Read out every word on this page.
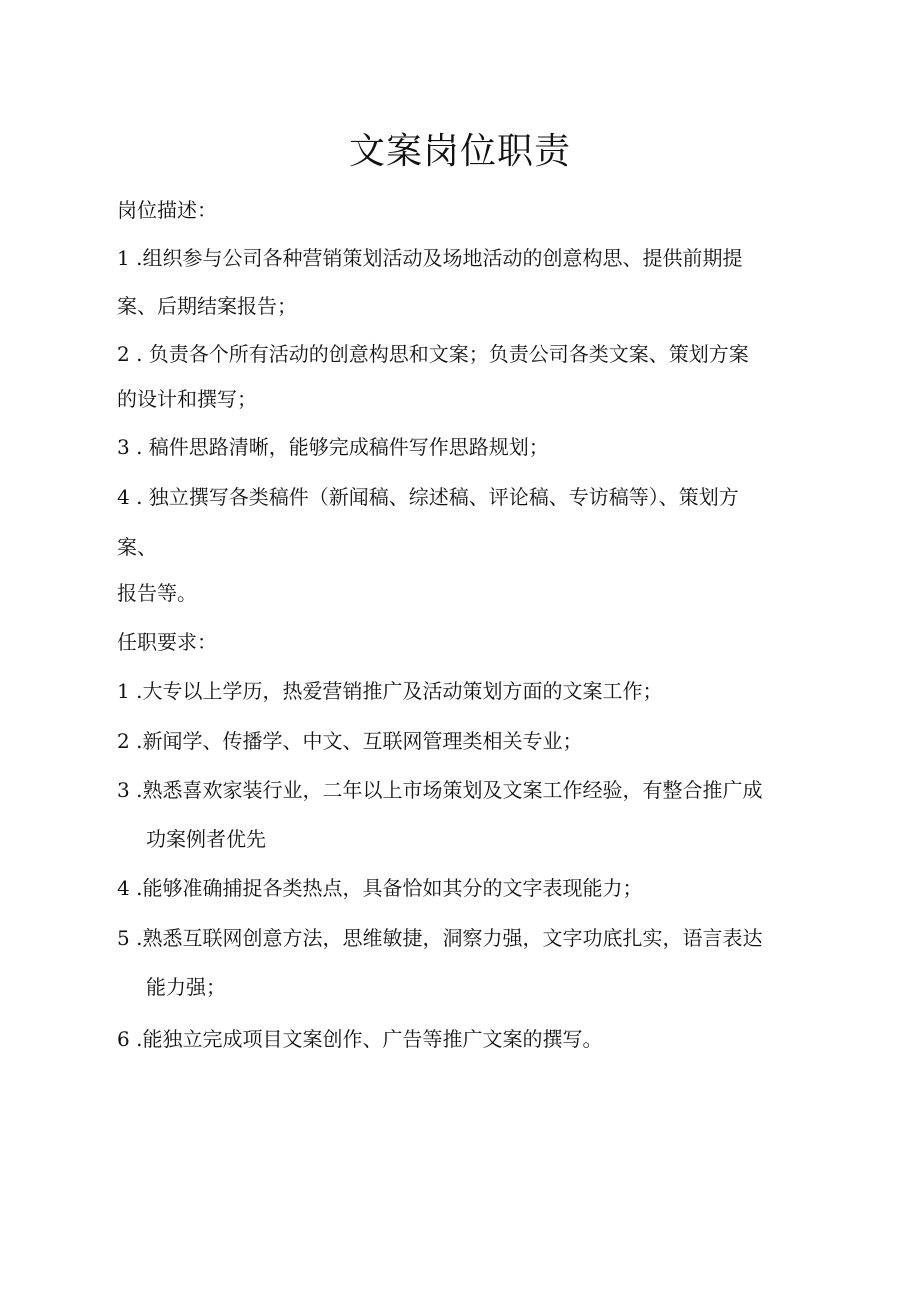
文案岗位职责

岗位描述：

1 .组织参与公司各种营销策划活动及场地活动的创意构思、提供前期提

案、后期结案报告；

2 . 负责各个所有活动的创意构思和文案；负责公司各类文案、策划方案

的设计和撰写；

3 . 稿件思路清晰，能够完成稿件写作思路规划；

4 . 独立撰写各类稿件（新闻稿、综述稿、评论稿、专访稿等）、策划方

案、

报告等。

任职要求：

1 .大专以上学历，热爱营销推广及活动策划方面的文案工作；

2 .新闻学、传播学、中文、互联网管理类相关专业；

3 .熟悉喜欢家装行业，二年以上市场策划及文案工作经验，有整合推广成

功案例者优先

4 .能够准确捕捉各类热点，具备恰如其分的文字表现能力；

5 .熟悉互联网创意方法，思维敏捷，洞察力强，文字功底扎实，语言表达

能力强；

6 .能独立完成项目文案创作、广告等推广文案的撰写。
